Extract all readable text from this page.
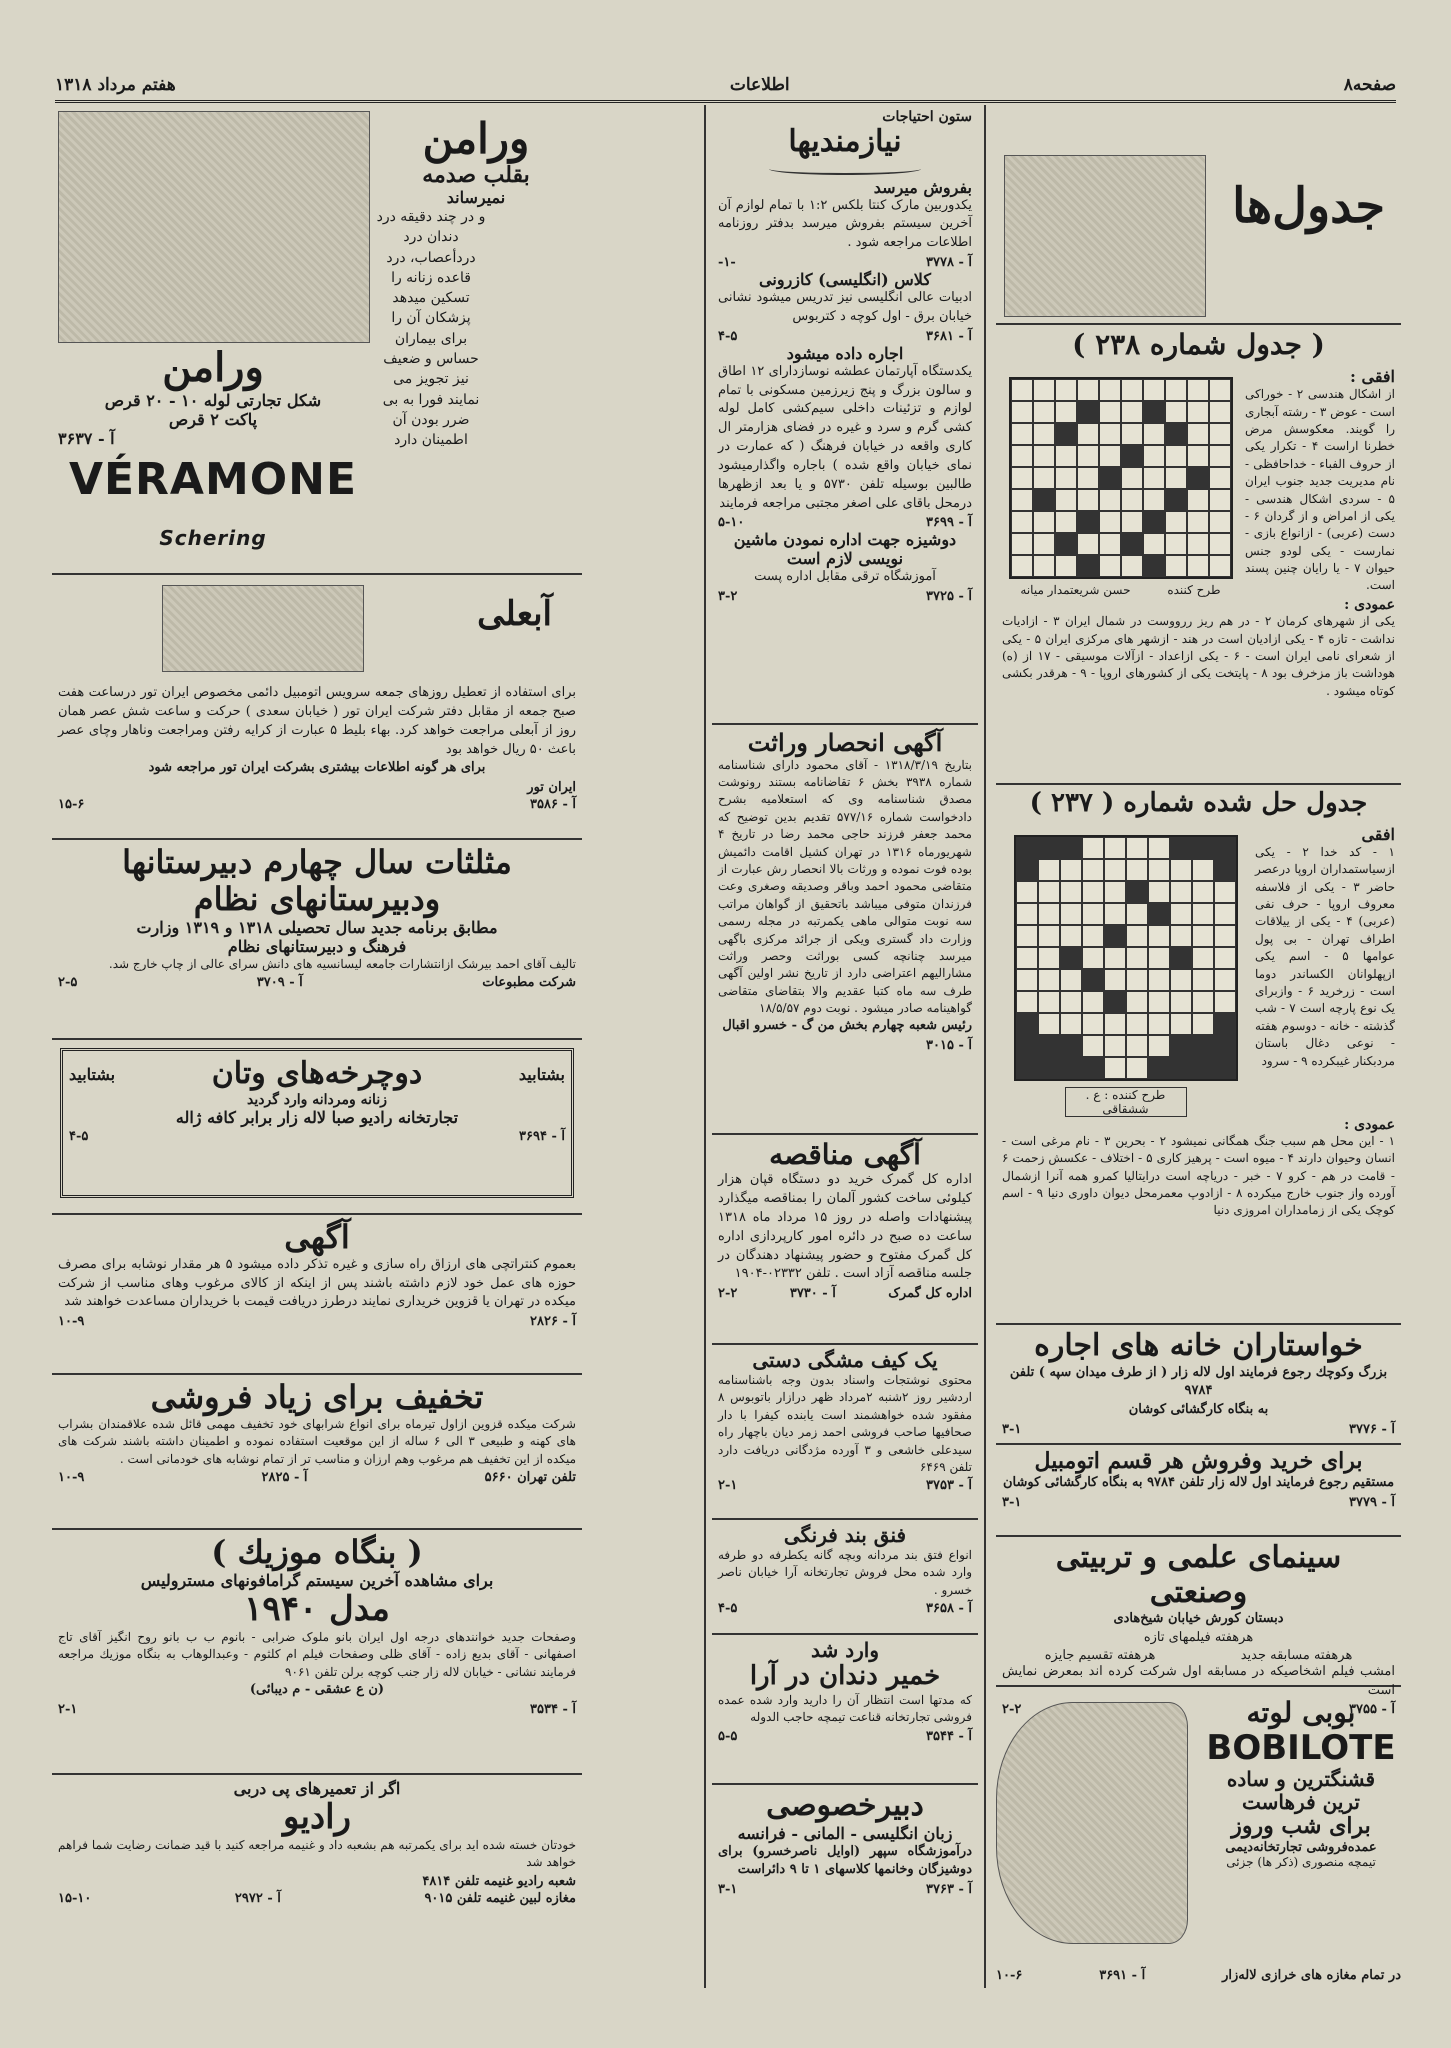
صفحه۸
اطلاعات
هفتم مرداد ۱۳۱۸
جدول‌ها
( جدول شماره ۲۳۸ )
افقی :
از اشکال هندسی ۲ - خوراکی است - عوض ۳ - رشته آبجاری را گویند. معکوسش مرض خطرنا اراست ۴ - تکرار یکی از حروف الفباء - خداحافظی - نام مدیریت جدید جنوب ایران ۵ - سردی اشکال هندسی - یکی از امراض و از گردان ۶ - دست (عربی) - ازانواع بازی - نمارست - یکی لودو جنس حیوان ۷ - یا رایان چنین پسند است.
طرح کننده
حسن شریعتمدار میانه
عمودی :
یکی از شهرهای کرمان ۲ - در هم ریز ررووست در شمال ایران ۳ - ازادیات نداشت - تازه ۴ - یکی ازادیان است در هند - ازشهر های مرکزی ایران ۵ - یکی از شعرای نامی ایران است - ۶ - یکی ازاعداد - ازآلات موسیقی - ۱۷ از (ه) هوداشت باز مزخرف بود ۸ - پایتخت یکی از کشورهای اروپا - ۹ - هرقدر بکشی کوتاه میشود .
جدول حل شده شماره ( ۲۳۷ )
افقی
۱ - کد خدا ۲ - یکی ازسیاستمداران اروپا درعصر حاضر ۳ - یکی از فلاسفه معروف اروپا - حرف نفی (عربی) ۴ - یکی از ییلاقات اطراف تهران - بی پول عوامها ۵ - اسم یکی ازپهلوانان الکساندر دوما است - زرخرید ۶ - وازبرای یک نوع پارچه است ۷ - شب گذشته - خانه - دوسوم هفته - نوعی دغال باستان مردبکنار غیبکرده ۹ - سرود
طرح کننده : ع . ششقاقی
عمودی :
۱ - این محل هم سبب جنگ همگانی نمیشود ۲ - بحرین ۳ - نام مرغی است - انسان وحیوان دارند ۴ - میوه است - پرهیز کاری ۵ - اختلاف - عکسش زحمت ۶ - قامت در هم - کرو ۷ - خبر - دریاچه است درایتالیا کمرو همه آنرا ازشمال آورده واز جنوب خارج میکرده ۸ - ازادوپ معمرمحل دیوان داوری دنیا ۹ - اسم کوچک یکی از زمامداران امروزی دنیا
خواستاران خانه های اجاره
بزرگ وکوچك رجوع فرمایند اول لاله زار ( از طرف میدان سپه ) تلفن ۹۷۸۴
به بنگاه کارگشائی کوشان
آ - ۳۷۷۶
۳-۱
برای خرید وفروش هر قسم اتومبیل
مستقیم رجوع فرمایند اول لاله زار تلفن ۹۷۸۴ به بنگاه کارگشائی کوشان
آ - ۳۷۷۹
۳-۱
سینمای علمی و تربیتی وصنعتی
دبستان کورش خیابان شیخ‌هادی
هرهفته فیلمهای تازه
هرهفته مسابقه جدید
هرهفته تقسیم جایزه
امشب فیلم اشخاصیکه در مسابقه اول شرکت کرده اند بمعرض نمایش است
آ - ۳۷۵۵
۲-۲	بوبی لوته
BOBILOTE
قشنگترین و ساده
ترین فرهاست
برای شب وروز
عمده‌فروشی تجارتخانه‌دیمی
تیمچه‌ منصوری (ذکر ها) جزئی
در تمام مغازه های خرازی لاله‌زار
آ - ۳۶۹۱
۱۰-۶
ستون احتیاجات
نیازمندیها
بفروش میرسد
یکدوربین مارک کنتا بلکس ۱:۲ با تمام لوازم آن آخرین سیستم بفروش میرسد بدفتر روزنامه اطلاعات مراجعه شود .
آ - ۳۷۷۸
-۱-
کلاس (انگلیسی) کازرونی
ادبیات عالی انگلیسی نیز تدریس میشود نشانی خیابان برق - اول کوچه د کتربوس
آ - ۳۶۸۱
۴-۵
اجاره داده میشود
یکدستگاه آپارتمان عطشه نوسازدارای ۱۲ اطاق و سالون بزرگ و پنج زیرزمین مسکونی با تمام لوازم و تزئینات داخلی سیم‌کشی کامل لوله کشی گرم و سرد و غیره در فضای هزارمتر ال کاری واقعه در خیابان فرهنگ ( که عمارت در نمای خیابان واقع شده ) باجاره واگذارمیشود طالبین بوسیله تلفن ۵۷۳۰ و یا بعد ازظهرها درمحل باقای علی اصغر مجتبی مراجعه فرمایند
آ - ۳۶۹۹
۵-۱۰
دوشیزه جهت اداره نمودن ماشین نویسی لازم است
آموزشگاه ترقی مقابل اداره پست
آ - ۳۷۲۵
۳-۲
آگهی انحصار وراثت
بتاریخ ۱۳۱۸/۳/۱۹ - آقای محمود دارای شناسنامه شماره ۳۹۳۸ بخش ۶ تقاضانامه بستند رونوشت مصدق شناسنامه وی که استعلامیه بشرح دادخواست شماره ۵۷۷/۱۶ تقدیم بدین توضیح که محمد جعفر فرزند حاجی محمد رضا در تاریخ ۴ شهریورماه ۱۳۱۶ در تهران کشیل اقامت دائمیش بوده فوت نموده و ورثات بالا انحصار رش عبارت از متقاضی محمود احمد وباقر وصدیقه وصغری وعت فرزندان متوفی میباشد باتحقیق از گواهان مراتب سه نوبت متوالی ماهی یکمرتبه در مجله رسمی وزارت داد گستری ویکی از جرائد مرکزی باگهی میرسد چنانچه کسی بوراثت وحصر وراثت مشارالیهم اعتراضی دارد از تاریخ نشر اولین آگهی طرف سه ماه کتبا عقدیم والا بتقاضای متقاضی گواهینامه صادر میشود . نوبت دوم ۱۸/۵/۵۷
رئیس شعبه چهارم بخش من گ - خسرو اقبال
آ - ۳۰۱۵
آگهی مناقصه
اداره کل گمرک خرید دو دستگاه قپان هزار کیلوئی ساخت کشور آلمان را بمناقصه میگذارد پیشنهادات واصله در روز ۱۵ مرداد ماه ۱۳۱۸ ساعت ده صبح در دائره امور کارپردازی اداره کل گمرک مفتوح و حضور پیشنهاد دهندگان در جلسه مناقصه آزاد است . تلفن ۰۲۳۳۲-۱۹۰۴
اداره کل گمرک
آ - ۳۷۳۰
۲-۲
یک کیف مشگی دستی
محتوی نوشتجات واسناد بدون وجه باشناسنامه اردشیر روز ۲شنبه ۲مرداد ظهر درازار باتوبوس ۸ مفقود شده خواهشمند است یابنده کیفرا با دار صحافیها صاحب فروشی احمد زمر دیان باچهار راه سیدعلی خاشعی و ۳ آورده مژدگانی دریافت دارد تلفن ۶۴۶۹
آ - ۳۷۵۳
۲-۱
فنق بند فرنگی
انواع فتق بند مردانه وبچه گانه یکطرفه دو طرفه وارد شده محل فروش تجارتخانه آرا خیابان ناصر خسرو .
آ - ۳۶۵۸
۴-۵
وارد شد
خمیر دندان در آرا
که مدتها است انتظار آن را دارید وارد شده عمده فروشی تجارتخانه قناعت تیمچه حاجب الدوله
آ - ۳۵۴۴
۵-۵
دبیرخصوصی
زبان انگلیسی - المانی - فرانسه
درآموزشگاه سپهر (اوایل ناصرخسرو) برای دوشیزگان وخانمها کلاسهای ۱ تا ۹ دائراست
آ - ۳۷۶۳
۳-۱
ورامن
بقلب صدمه
نمیرساند
و در چند دقیقه درد دندان درد دردأعصاب، درد قاعده زنانه را تسکین میدهد پزشکان آن را برای بیماران حساس و ضعیف نیز تجویز می نمایند فورا به بی ضرر بودن آن اطمینان دارد
ورامن
شکل تجارتی لوله ۱۰ - ۲۰ قرص
پاکت ۲ قرص
آ - ۳۶۳۷
VÉRAMONE Schering
آبعلی
برای استفاده از تعطیل روزهای جمعه سرویس اتومبیل دائمی مخصوص ایران تور درساعت هفت صبح جمعه از مقابل دفتر شرکت ایران تور ( خیابان سعدی ) حرکت و ساعت شش عصر همان روز از آبعلی مراجعت خواهد کرد. بهاء بلیط ۵ عبارت از کرایه رفتن ومراجعت وناهار وچای عصر باعث ۵۰ ریال خواهد بود
برای هر گونه اطلاعات بیشتری بشرکت ایران تور مراجعه شود
ایران تور
آ - ۳۵۸۶
۱۵-۶
مثلثات سال چهارم دبیرستانها
ودبیرستانهای نظام
مطابق برنامه جدید سال تحصیلی ۱۳۱۸ و ۱۳۱۹ وزارت
فرهنگ و دبیرستانهای نظام
تالیف آقای احمد بیرشک ازانتشارات جامعه لیسانسیه های دانش سرای عالی از چاپ خارج شد.
شرکت مطبوعات
آ - ۳۷۰۹
۲-۵
بشتابید
دوچرخه‌های وتان
بشتابید
زنانه ومردانه وارد گردید
تجارتخانه رادیو صبا لاله زار برابر کافه ژاله
آ - ۳۶۹۴
۴-۵
آگهی
بعموم کنتراتچی های ارزاق راه سازی و غیره تذکر داده میشود ۵ هر مقدار نوشابه برای مصرف حوزه های عمل خود لازم داشته باشند پس از اینکه از کالای مرغوب وهای مناسب از شرکت میکده در تهران یا قزوین خریداری نمایند درطرز دریافت قیمت با خریداران مساعدت خواهند شد
آ - ۲۸۲۶
۱۰-۹
تخفیف برای زیاد فروشی
شرکت میکده قزوین ازاول تیرماه برای انواع شرابهای خود تخفیف مهمی قائل شده علاقمندان بشراب های کهنه و طبیعی ۳ الی ۶ ساله از این موقعیت استفاده نموده و اطمینان داشته باشند شرکت های میکده از این تخفیف هم مرغوب وهم ارزان و مناسب تر از تمام نوشابه های خودمانی است .
تلفن تهران ۵۶۶۰
آ - ۲۸۲۵
۱۰-۹
( بنگاه موزیك )
برای مشاهده آخرین سیستم گرامافونهای مسترولیس
مدل ۱۹۴۰
وصفحات جدید خوانندهای درجه اول ایران بانو ملوک ضرابی - بانوم ب ب بانو روح انگیز آقای تاج اصفهانی - آقای بدیع زاده - آقای ظلی وصفحات فیلم ام کلثوم - وعبدالوهاب به بنگاه موزیك مراجعه فرمایند نشانی - خیابان لاله زار جنب کوچه برلن تلفن ۹۰۶۱
(ن ع عشقی - م دیبائی)
آ - ۳۵۳۴
۲-۱
اگر از تعمیرهای پی دربی
رادیو
خودتان خسته شده اید برای یکمرتبه هم بشعبه داد و غنیمه مراجعه کنید با قید ضمانت رضایت شما فراهم خواهد شد
شعبه رادیو غنیمه تلفن ۴۸۱۴
مغازه لبین غنیمه تلفن ۹۰۱۵
آ - ۲۹۷۲
۱۵-۱۰
